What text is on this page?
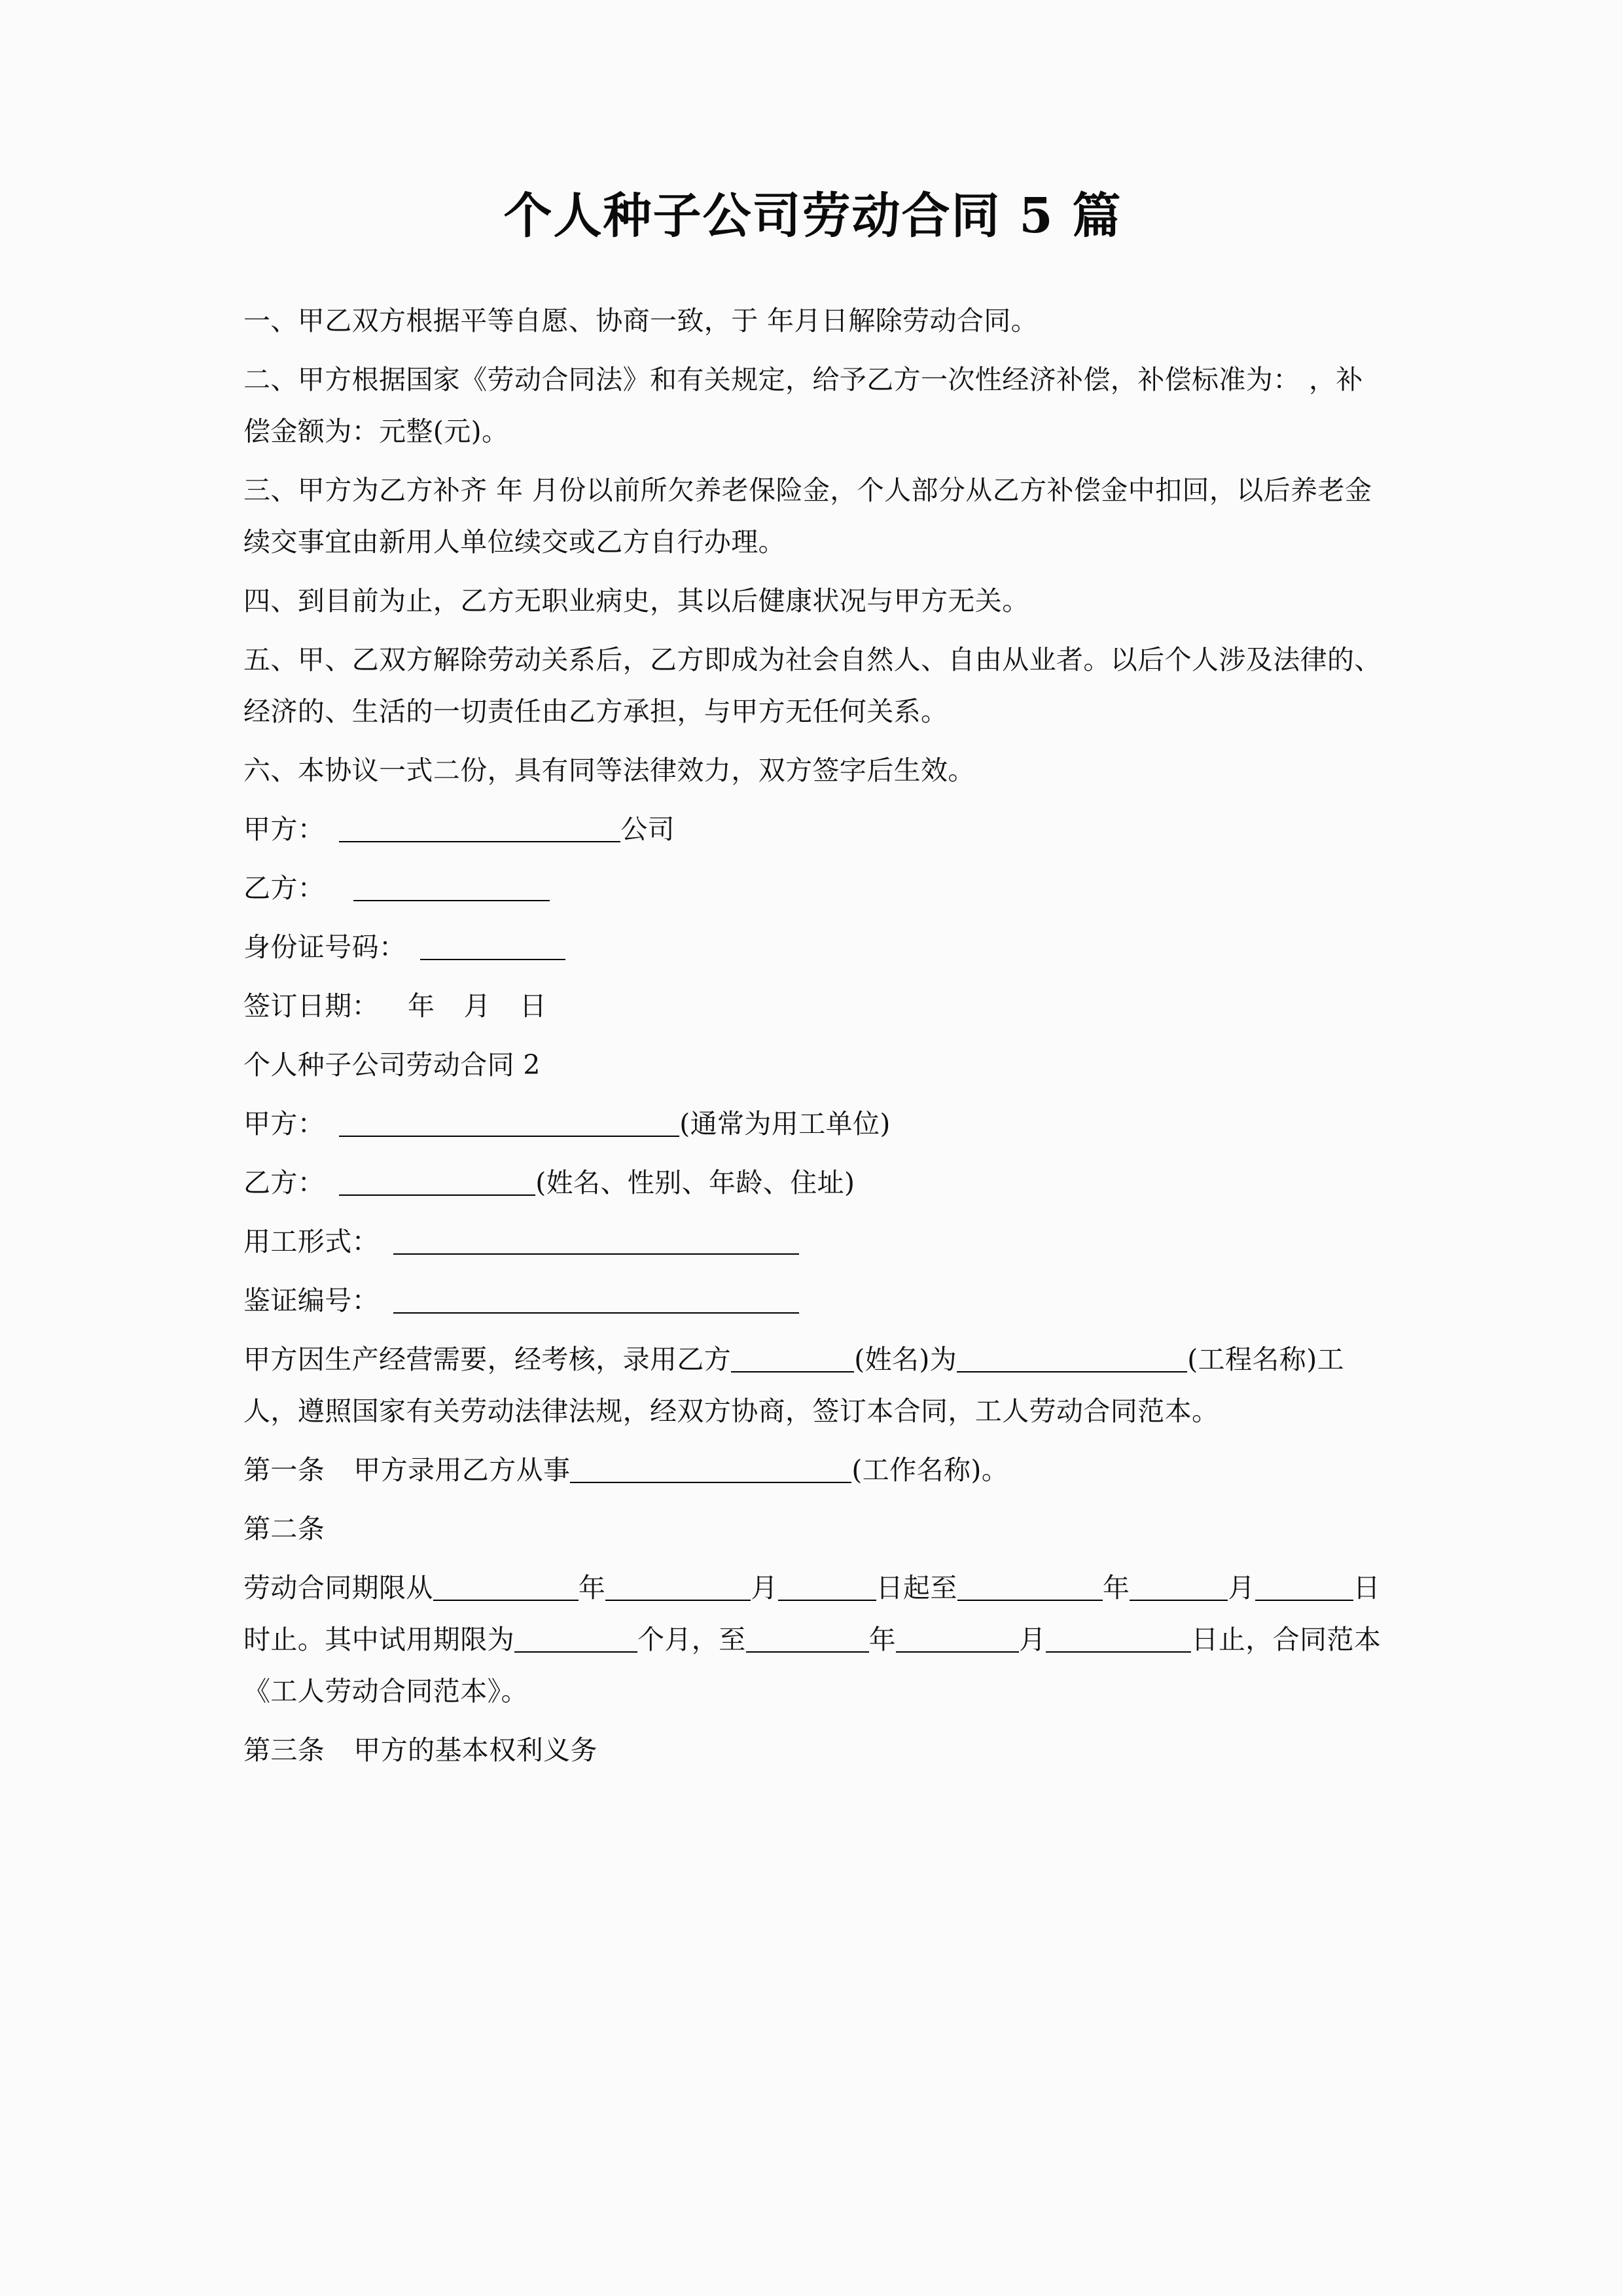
个人种子公司劳动合同 5 篇

一、甲乙双方根据平等自愿、协商一致，于 年月日解除劳动合同。

二、甲方根据国家《劳动合同法》和有关规定，给予乙方一次性经济补偿，补偿标准为： ，补偿金额为：元整(元)。

三、甲方为乙方补齐 年 月份以前所欠养老保险金，个人部分从乙方补偿金中扣回，以后养老金续交事宜由新用人单位续交或乙方自行办理。

四、到目前为止，乙方无职业病史，其以后健康状况与甲方无关。

五、甲、乙双方解除劳动关系后，乙方即成为社会自然人、自由从业者。以后个人涉及法律的、经济的、生活的一切责任由乙方承担，与甲方无任何关系。

六、本协议一式二份，具有同等法律效力，双方签字后生效。

甲方：	公司

乙方：

身份证号码：

签订日期： 年 月 日

个人种子公司劳动合同 2

甲方：	(通常为用工单位)

乙方：	(姓名、性别、年龄、住址)

用工形式：

鉴证编号：

甲方因生产经营需要，经考核，录用乙方	(姓名)为	(工程名称)工人，遵照国家有关劳动法律法规，经双方协商，签订本合同，工人劳动合同范本。

第一条 甲方录用乙方从事	(工作名称)。

第二条

劳动合同期限从	年	月	日起至	年	月	日时止。其中试用期限为	个月，至	年	月	日止，合同范本《工人劳动合同范本》。

第三条 甲方的基本权利义务
